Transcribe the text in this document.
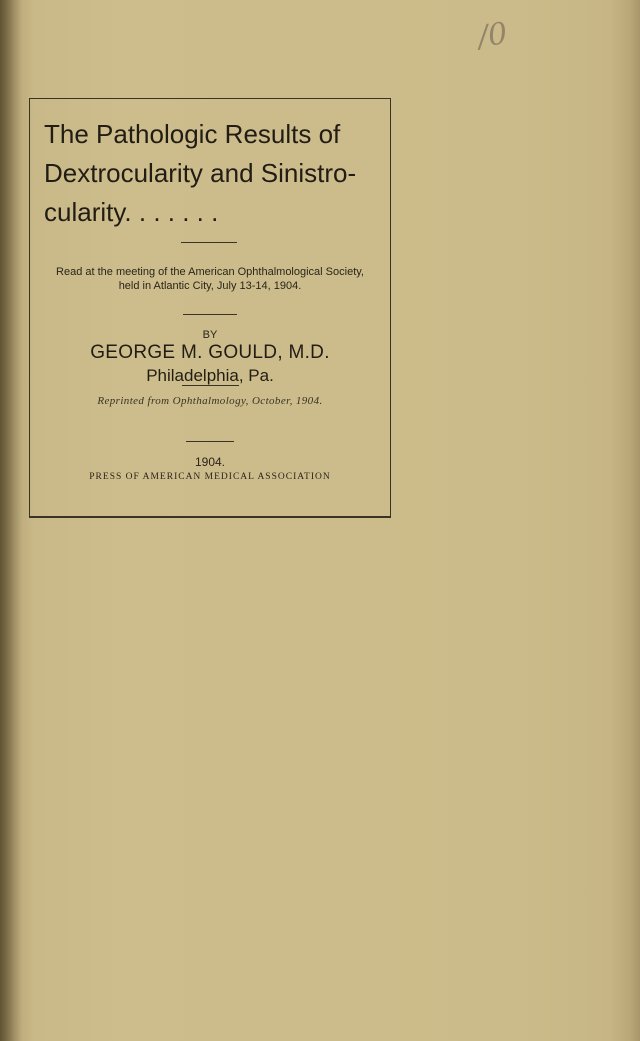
/0
The Pathologic Results of
Dextrocularity and Sinistro-
cularity. . . . . . .
Read at the meeting of the American Ophthalmological Society,
held in Atlantic City, July 13-14, 1904.
BY
GEORGE M. GOULD, M.D.
Philadelphia, Pa.
Reprinted from Ophthalmology, October, 1904.
1904.
PRESS OF AMERICAN MEDICAL ASSOCIATION
